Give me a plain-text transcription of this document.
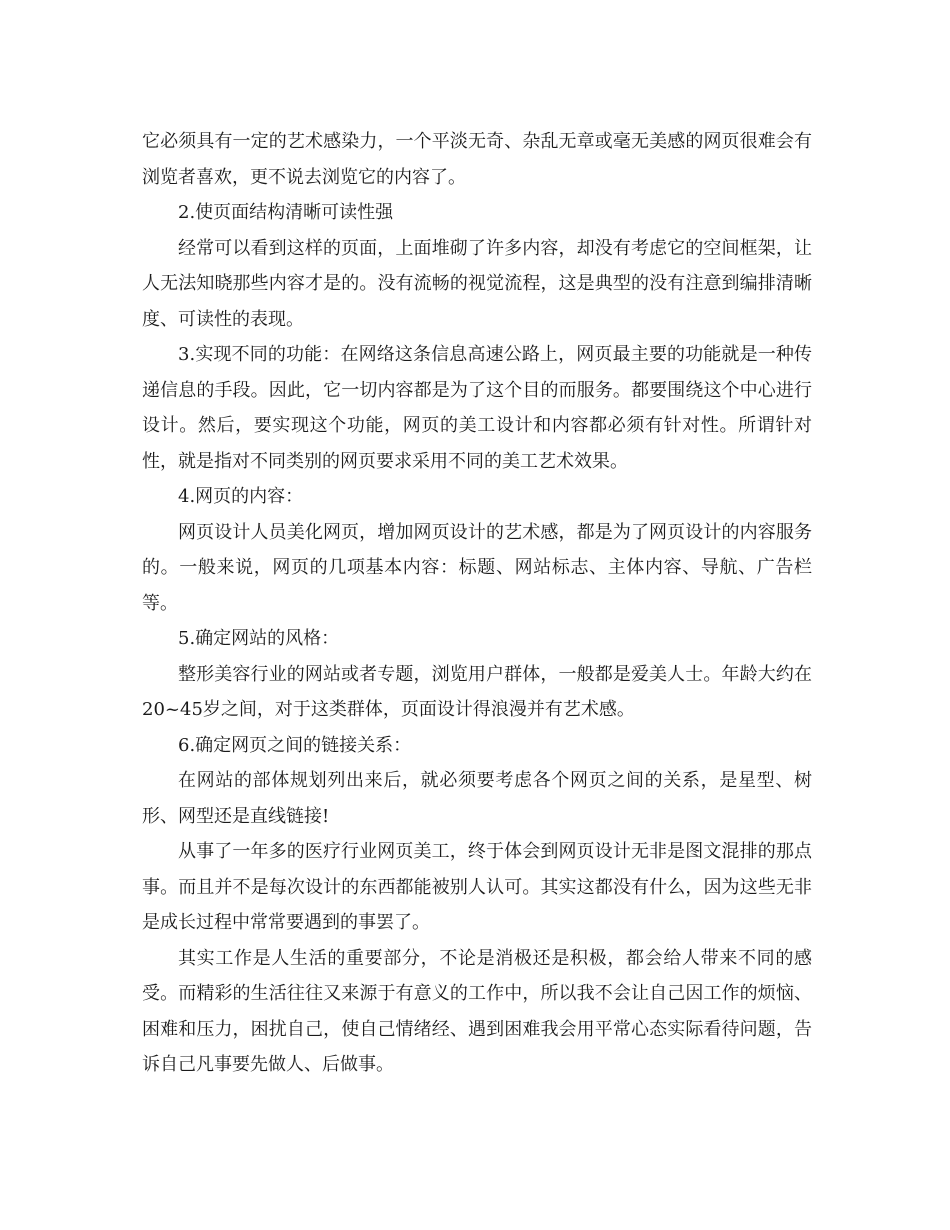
它必须具有一定的艺术感染力，一个平淡无奇、杂乱无章或毫无美感的网页很难会有浏览者喜欢，更不说去浏览它的内容了。

2.使页面结构清晰可读性强

经常可以看到这样的页面，上面堆砌了许多内容，却没有考虑它的空间框架，让人无法知晓那些内容才是的。没有流畅的视觉流程，这是典型的没有注意到编排清晰度、可读性的表现。

3.实现不同的功能：在网络这条信息高速公路上，网页最主要的功能就是一种传递信息的手段。因此，它一切内容都是为了这个目的而服务。都要围绕这个中心进行设计。然后，要实现这个功能，网页的美工设计和内容都必须有针对性。所谓针对性，就是指对不同类别的网页要求采用不同的美工艺术效果。

4.网页的内容：

网页设计人员美化网页，增加网页设计的艺术感，都是为了网页设计的内容服务的。一般来说，网页的几项基本内容：标题、网站标志、主体内容、导航、广告栏等。

5.确定网站的风格：

整形美容行业的网站或者专题，浏览用户群体，一般都是爱美人士。年龄大约在20~45岁之间，对于这类群体，页面设计得浪漫并有艺术感。

6.确定网页之间的链接关系：

在网站的部体规划列出来后，就必须要考虑各个网页之间的关系，是星型、树形、网型还是直线链接!

从事了一年多的医疗行业网页美工，终于体会到网页设计无非是图文混排的那点事。而且并不是每次设计的东西都能被别人认可。其实这都没有什么，因为这些无非是成长过程中常常要遇到的事罢了。

其实工作是人生活的重要部分，不论是消极还是积极，都会给人带来不同的感受。而精彩的生活往往又来源于有意义的工作中，所以我不会让自己因工作的烦恼、困难和压力，困扰自己，使自己情绪经、遇到困难我会用平常心态实际看待问题，告诉自己凡事要先做人、后做事。
